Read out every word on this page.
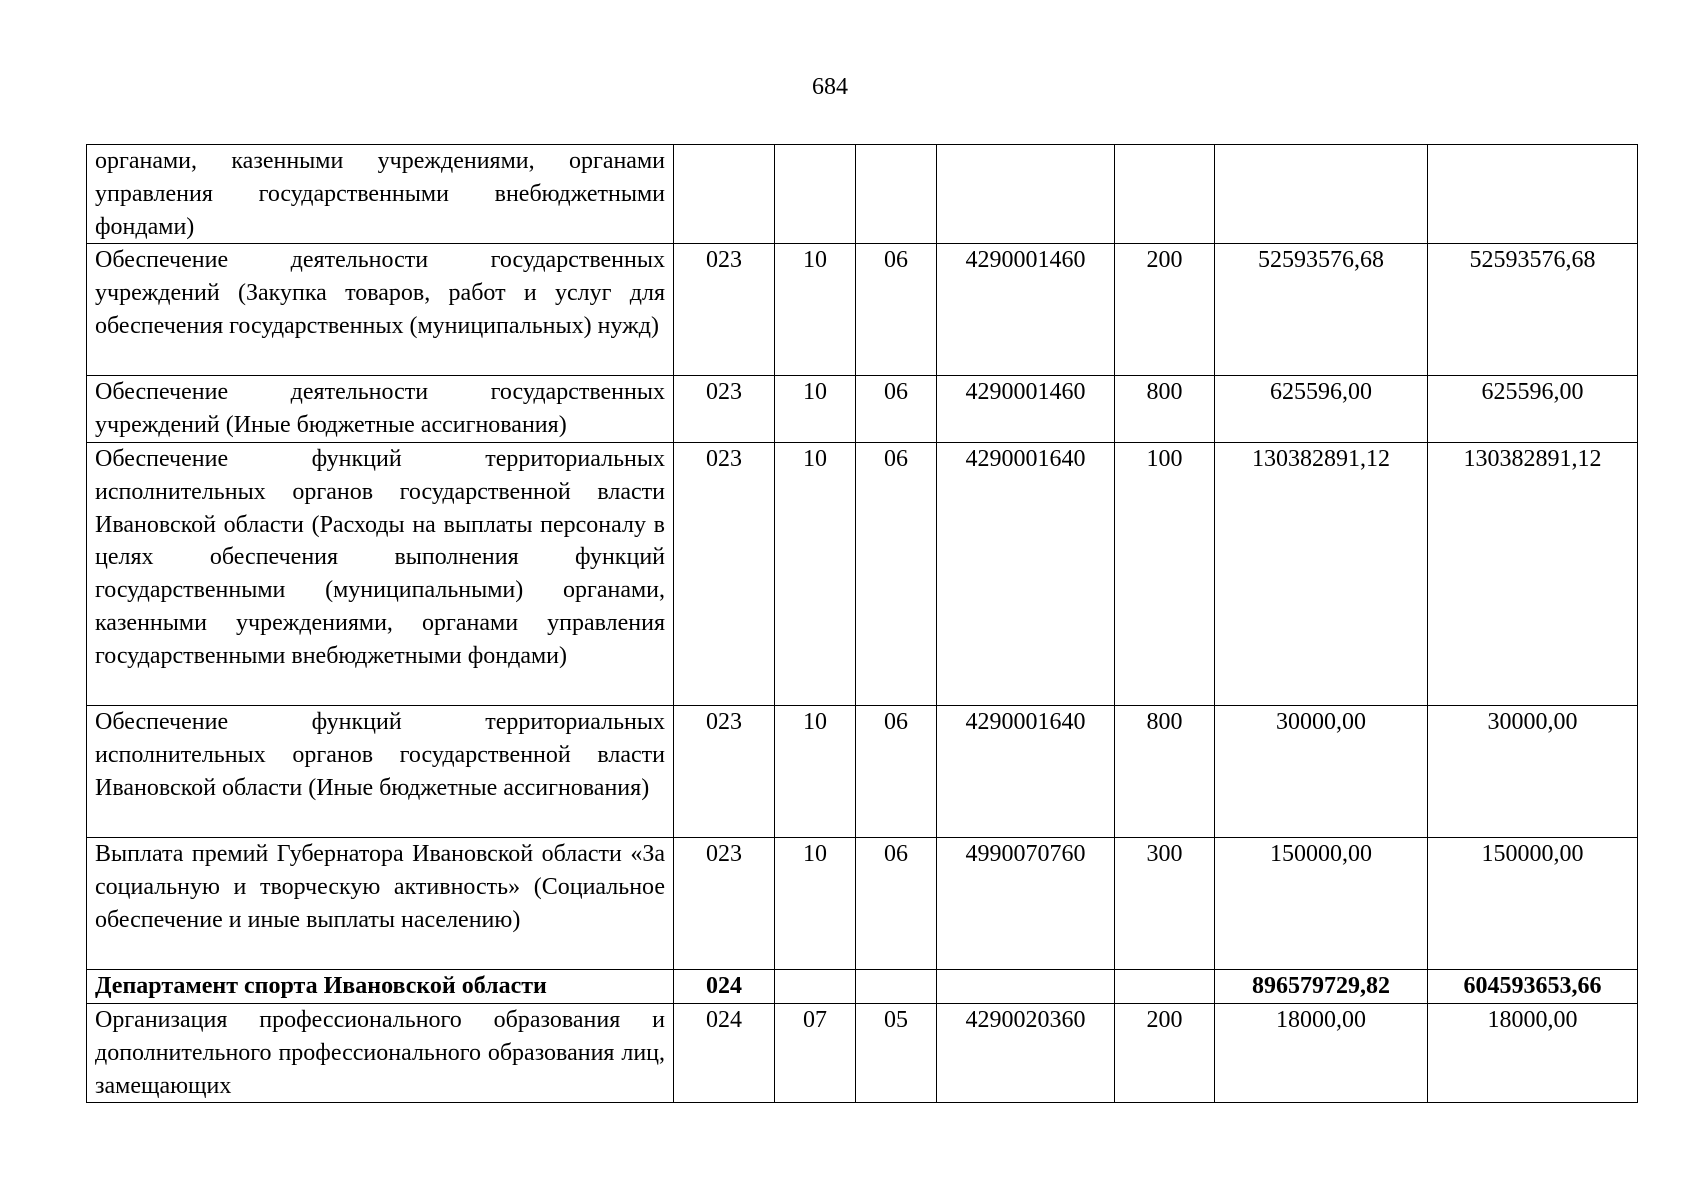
684
органами, казенными учреждениями, органами управления государственными внебюджетными фондами)							
Обеспечение деятельности государственных учреждений (Закупка товаров, работ и услуг для обеспечения государственных (муниципальных) нужд)	023	10	06	4290001460	200	52593576,68	52593576,68
Обеспечение деятельности государственных учреждений (Иные бюджетные ассигнования)	023	10	06	4290001460	800	625596,00	625596,00
Обеспечение функций территориальных исполнительных органов государственной власти Ивановской области (Расходы на выплаты персоналу в целях обеспечения выполнения функций государственными (муниципальными) органами, казенными учреждениями, органами управления государственными внебюджетными фондами)	023	10	06	4290001640	100	130382891,12	130382891,12
Обеспечение функций территориальных исполнительных органов государственной власти Ивановской области (Иные бюджетные ассигнования)	023	10	06	4290001640	800	30000,00	30000,00
Выплата премий Губернатора Ивановской области «За социальную и творческую активность» (Социальное обеспечение и иные выплаты населению)	023	10	06	4990070760	300	150000,00	150000,00
Департамент спорта Ивановской области	024					896579729,82	604593653,66
Организация профессионального образования и дополнительного профессионального образования лиц, замещающих	024	07	05	4290020360	200	18000,00	18000,00
